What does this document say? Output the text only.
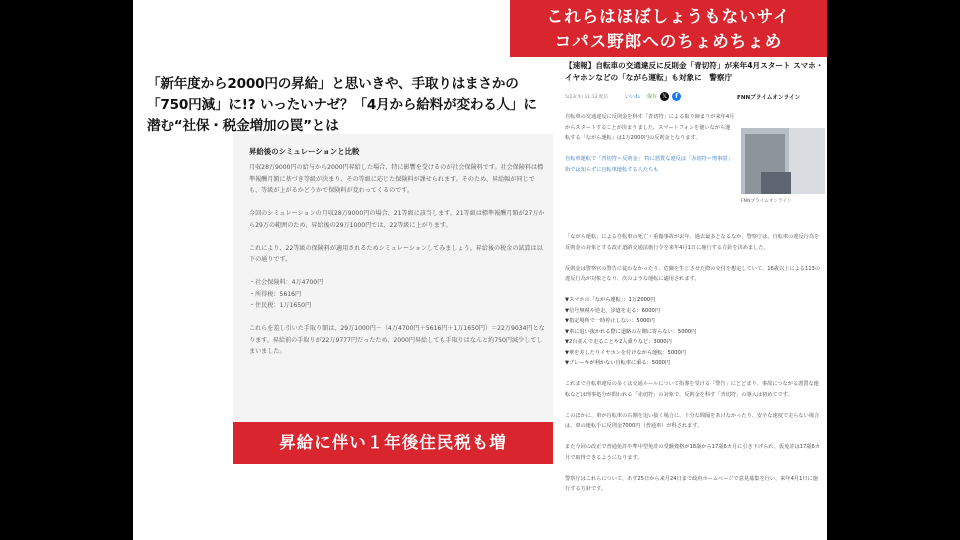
「新年度から2000円の昇給」と思いきや、手取りはまさかの「750円減」に!? いったいナゼ？「4月から給料が変わる人」に潜む“社保・税金増加の罠”とは
昇給後のシミュレーションと比較

月収28万9000円の給与から2000円昇給した場合、特に影響を受けるのが社会保険料です。社会保険料は標準報酬月額に基づき等級が決まり、その等級に応じた保険料が課せられます。そのため、昇給幅が同じでも、等級が上がるかどうかで保険料が変わってくるのです。

今回のシミュレーションの月収28万9000円の場合、21等級に該当します。21等級は標準報酬月額が27万から29万の範囲のため、昇給後の29万1000円では、22等級に上がります。

これにより、22等級の保険料が適用されるためシミュレーションしてみましょう。昇給後の税金の試算は以下の通りです。

・社会保険料：4万4700円
・所得税：5616円
・住民税：1万1650円

これらを差し引いた手取り額は、29万1000円－（4万4700円＋5616円＋1万1650円）＝22万9034円となります。昇給前の手取りが22万9777円だったため、2000円昇給しても手取りはなんと約750円減少してしまいました。

【速報】自転車の交通違反に反則金「青切符」が来年4月スタート スマホ・イヤホンなどの「ながら運転」も対象に　警察庁
5/23(木) 11:13 配信	いいね 保存 𝕏	f	FNNプライムオンライン

自転車の交通違反に反則金を科す「青切符」による取り締まりが来年4月からスタートすることが決まりました。スマートフォンを使いながら運転する「ながら運転」は1万2000円の反則金となります。

自転車運転で「青切符＝反則金」 特に悪質な違反は「赤切符＝刑事罰」 街では知らずに自転車運転する人たちも

FNNプライムオンライン

「ながら運転」による自転車の死亡・重傷事故が去年、過去最多となるなか、警察庁は、自転車の違反行為を反則金の対象とする改正道路交通法施行令を来年4月1日に施行する方針を決めました。

反則金は警察官の警告に従わなかったり、危険を生じさせた際の交付を想定していて、16歳以上による113の違反行為が対象となり、次のような運転に適用されます。

▼スマホの「ながら運転」：1万2000円
▼信号無視や逆走、歩道を走る：6000円
▼指定場所で一時停止しない：5000円
▼車に追い抜かれる際に道路の左側に寄らない：5000円
▼2台並んで走ることや2人乗りなど：3000円
▼傘を差したりイヤホンを付けながら運転：5000円
▼ブレーキが利かない自転車に乗る：5000円

これまで自転車違反の多くは交通ルールについて指導を受ける「警告」にとどまり、事故につながる悪質な運転などは刑事処分が問われる「赤切符」の対象で、反則金を科す「青切符」の導入は初めてです。

このほかに、車が自転車の右側を追い抜く場合に、十分な間隔をあけなかったり、安全な速度で走らない場合は、車の運転手に反則金7000円（普通車）が科されます。

また今回の改正で普通免許や準中型免許の受験資格が18歳から17歳6カ月に引き下げられ、仮免許は17歳6カ月で取得できるようになります。

警察庁はこれらについて、あす25日から来月24日まで政府ホームページで意見募集を行い、来年4月1日に施行する方針です。

昇給に伴い１年後住民税も増
これらはほぼしょうもないサイ
コパス野郎へのちょめちょめ
